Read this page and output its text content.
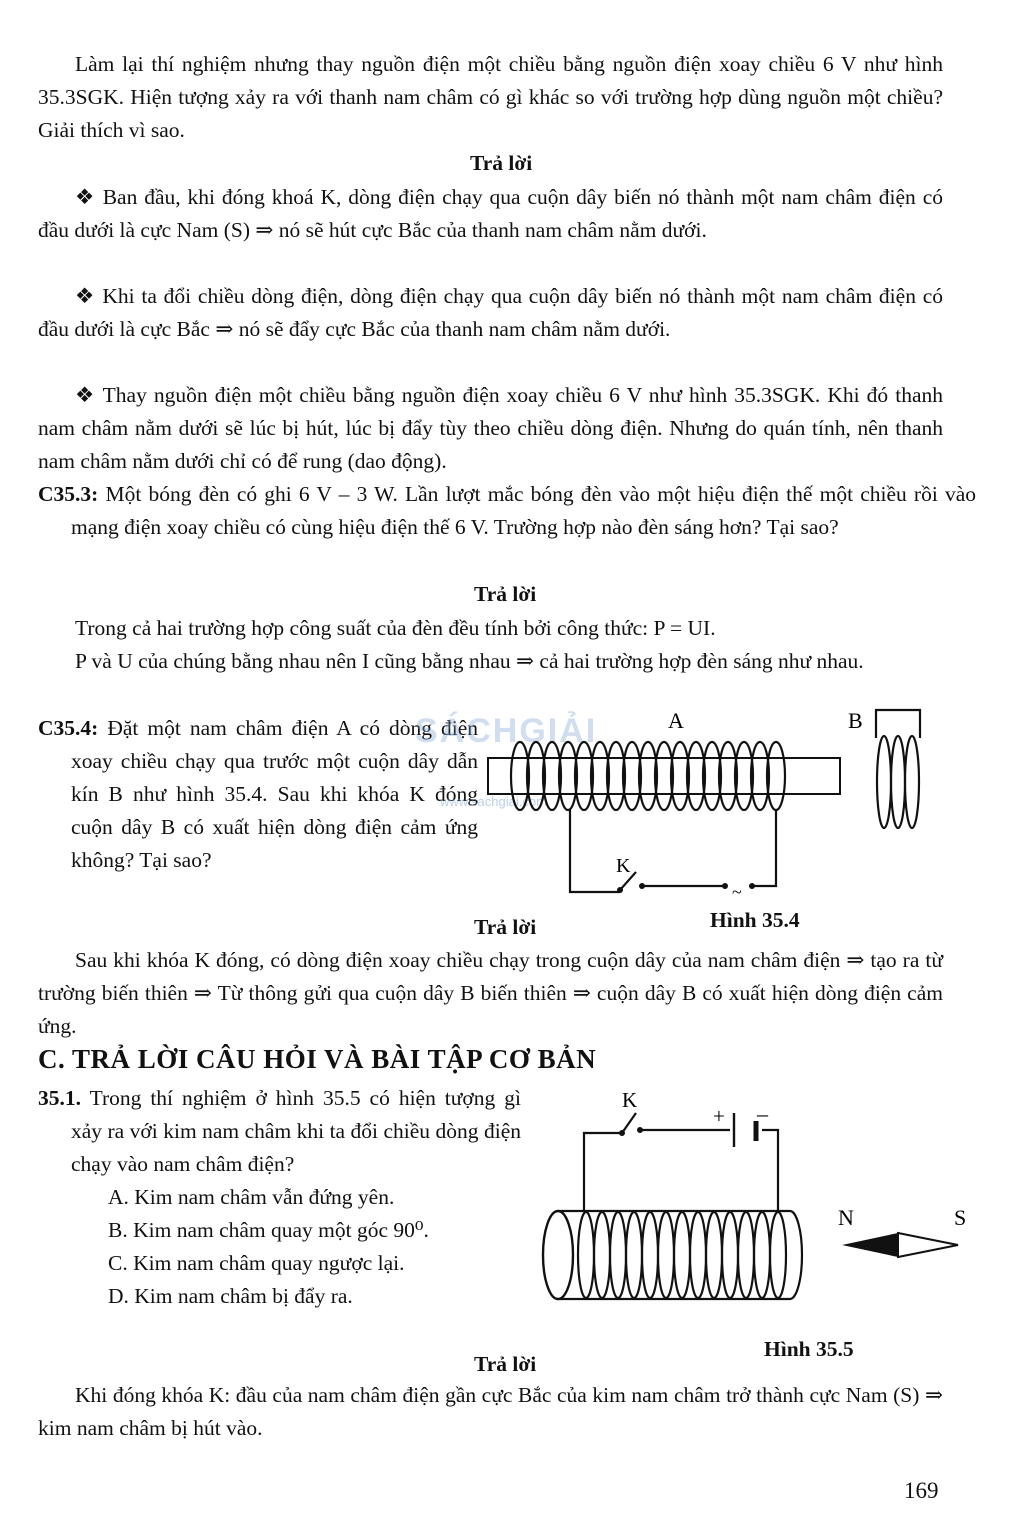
Làm lại thí nghiệm nhưng thay nguồn điện một chiều bằng nguồn điện xoay chiều 6 V như hình 35.3SGK. Hiện tượng xảy ra với thanh nam châm có gì khác so với trường hợp dùng nguồn một chiều? Giải thích vì sao.
Trả lời
❖ Ban đầu, khi đóng khoá K, dòng điện chạy qua cuộn dây biến nó thành một nam châm điện có đầu dưới là cực Nam (S) ⇒ nó sẽ hút cực Bắc của thanh nam châm nằm dưới.
❖ Khi ta đổi chiều dòng điện, dòng điện chạy qua cuộn dây biến nó thành một nam châm điện có đầu dưới là cực Bắc ⇒ nó sẽ đẩy cực Bắc của thanh nam châm nằm dưới.
❖ Thay nguồn điện một chiều bằng nguồn điện xoay chiều 6 V như hình 35.3SGK. Khi đó thanh nam châm nằm dưới sẽ lúc bị hút, lúc bị đẩy tùy theo chiều dòng điện. Nhưng do quán tính, nên thanh nam châm nằm dưới chỉ có để rung (dao động).
C35.3: Một bóng đèn có ghi 6 V – 3 W. Lần lượt mắc bóng đèn vào một hiệu điện thế một chiều rồi vào mạng điện xoay chiều có cùng hiệu điện thế 6 V. Trường hợp nào đèn sáng hơn? Tại sao?
Trả lời
Trong cả hai trường hợp công suất của đèn đều tính bởi công thức: P = UI.
P và U của chúng bằng nhau nên I cũng bằng nhau ⇒ cả hai trường hợp đèn sáng như nhau.
C35.4: Đặt một nam châm điện A có dòng điện xoay chiều chạy qua trước một cuộn dây dẫn kín B như hình 35.4. Sau khi khóa K đóng cuộn dây B có xuất hiện dòng điện cảm ứng không? Tại sao?
SÁCHGIẢI
www.sachgiai.com
A
K
~
B
Trả lời	Hình 35.4
Sau khi khóa K đóng, có dòng điện xoay chiều chạy trong cuộn dây của nam châm điện ⇒ tạo ra từ trường biến thiên ⇒ Từ thông gửi qua cuộn dây B biến thiên ⇒ cuộn dây B có xuất hiện dòng điện cảm ứng.
C. TRẢ LỜI CÂU HỎI VÀ BÀI TẬP CƠ BẢN
35.1. Trong thí nghiệm ở hình 35.5 có hiện tượng gì xảy ra với kim nam châm khi ta đổi chiều dòng điện chạy vào nam châm điện?
A. Kim nam châm vẫn đứng yên.
B. Kim nam châm quay một góc 90⁰.
C. Kim nam châm quay ngược lại.
D. Kim nam châm bị đẩy ra.
K
+ –
N	S
Hình 35.5
Trả lời
Khi đóng khóa K: đầu của nam châm điện gần cực Bắc của kim nam châm trở thành cực Nam (S) ⇒ kim nam châm bị hút vào.
169
